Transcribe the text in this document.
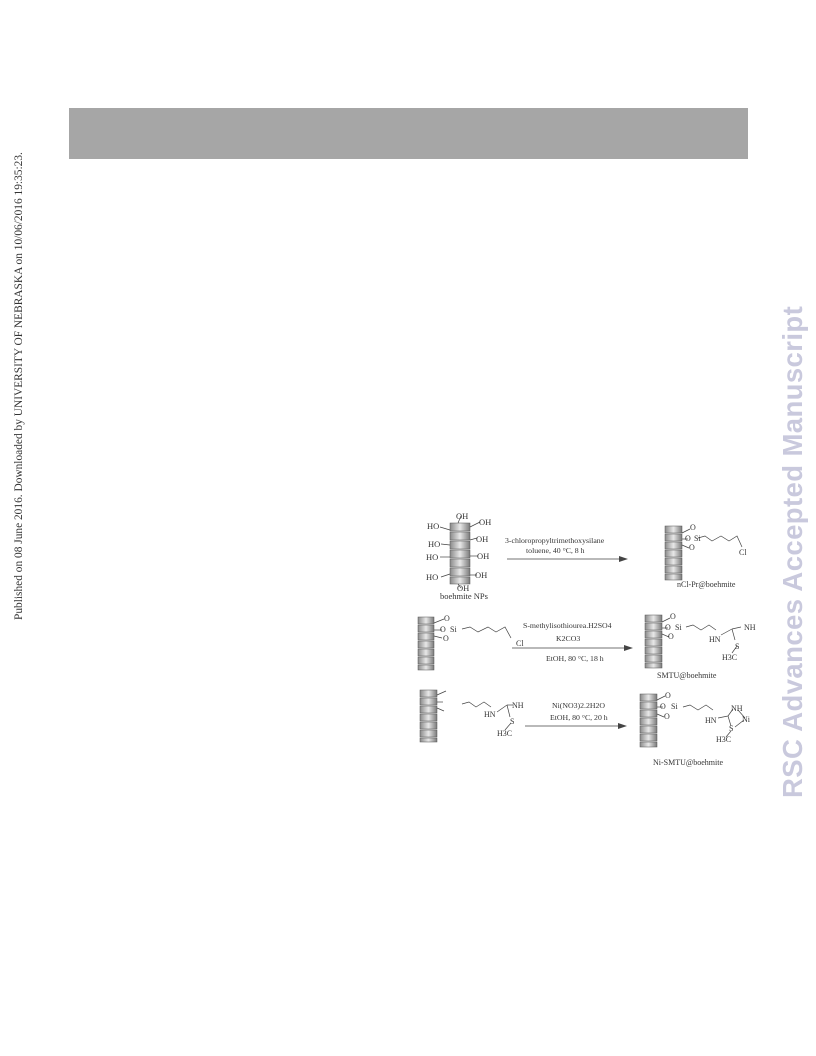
Published on 08 June 2016. Downloaded by UNIVERSITY OF NEBRASKA on 10/06/2016 19:35:23.	RSC Advances Accepted Manuscript
OH
OH
HO
OH
HO
OH
HO
OH
HO
OH
boehmite NPs
3-chloropropyltrimethoxysilane
toluene, 40 °C, 8 h
O
O Si
O
Cl
nCl-Pr@boehmite
O
O Si
O
Cl
S-methylisothiourea.H2SO4
K2CO3
EtOH, 80 °C, 18 h
O
O Si
O
NH
HN
S
H3C
SMTU@boehmite
NH
HN
S
H3C
Ni(NO3)2.2H2O
EtOH, 80 °C, 20 h
O
O Si
O
NH
HN
S
H3C
Ni
Ni-SMTU@boehmite
